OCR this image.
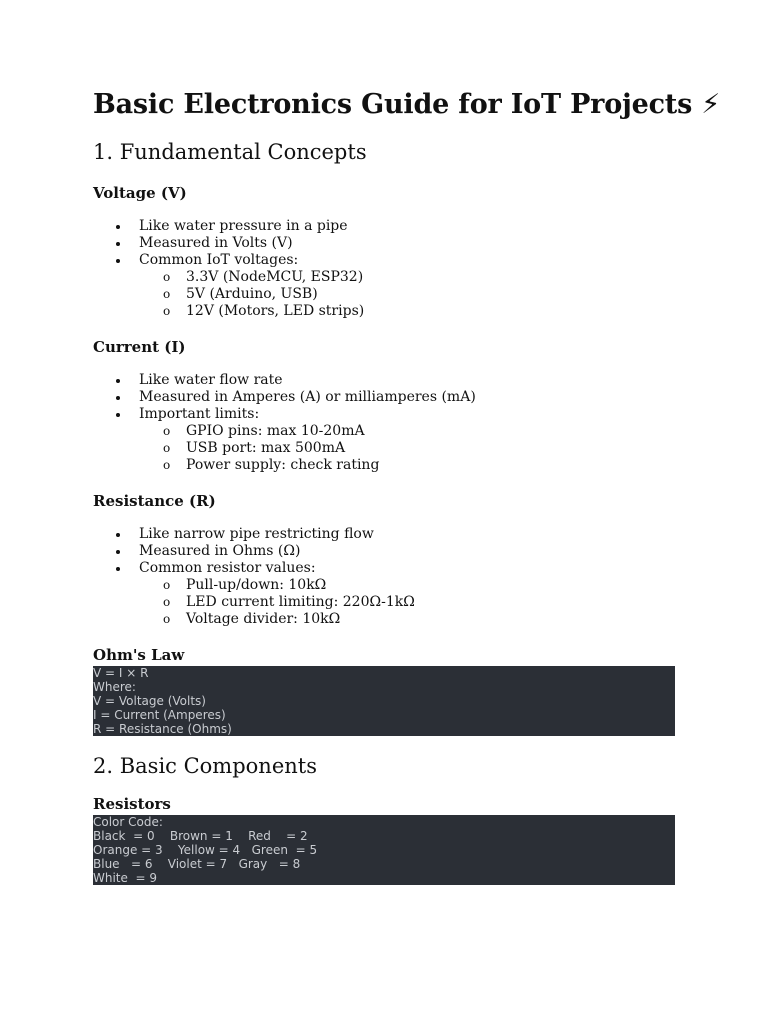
Basic Electronics Guide for IoT Projects ⚡
1. Fundamental Concepts
Voltage (V)
Like water pressure in a pipe
Measured in Volts (V)
Common IoT voltages:
o 3.3V (NodeMCU, ESP32)
o 5V (Arduino, USB)
o 12V (Motors, LED strips)
Current (I)
Like water flow rate
Measured in Amperes (A) or milliamperes (mA)
Important limits:
o GPIO pins: max 10-20mA
o USB port: max 500mA
o Power supply: check rating
Resistance (R)
Like narrow pipe restricting flow
Measured in Ohms (Ω)
Common resistor values:
o Pull-up/down: 10kΩ
o LED current limiting: 220Ω-1kΩ
o Voltage divider: 10kΩ
Ohm's Law
V = I × R
Where:
V = Voltage (Volts)
I = Current (Amperes)
R = Resistance (Ohms)
2. Basic Components
Resistors
Color Code:
Black  = 0    Brown = 1    Red    = 2
Orange = 3    Yellow = 4   Green  = 5
Blue   = 6    Violet = 7   Gray   = 8
White  = 9
